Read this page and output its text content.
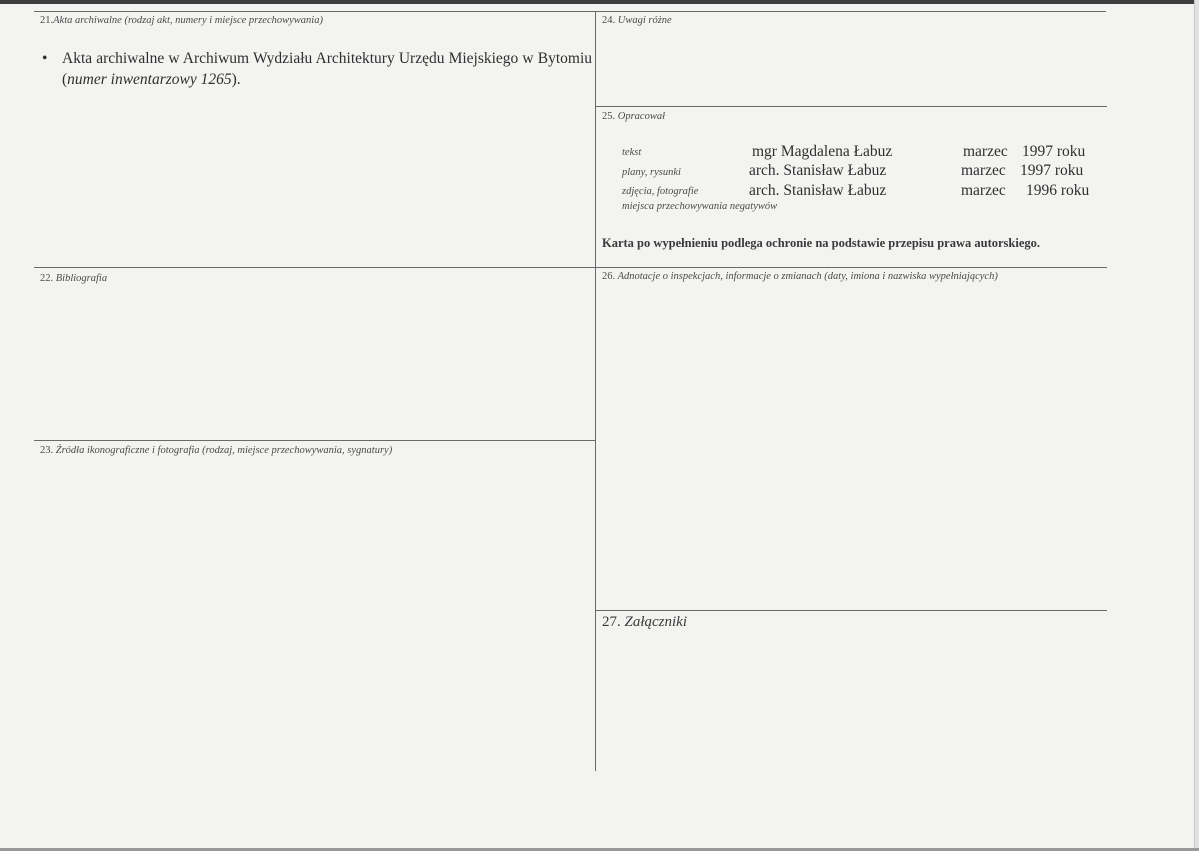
21.Akta archiwalne (rodzaj akt, numery i miejsce przechowywania)
• Akta archiwalne w Archiwum Wydziału Architektury Urzędu Miejskiego w Bytomiu (numer inwentarzowy 1265).
24. Uwagi różne
25. Opracował
tekst	mgr Magdalena Łabuz	marzec 1997 roku
plany, rysunki	arch. Stanisław Łabuz	marzec 1997 roku
zdjęcia, fotografie	arch. Stanisław Łabuz	marzec 1996 roku
miejsca przechowywania negatywów
Karta po wypełnieniu podlega ochronie na podstawie przepisu prawa autorskiego.
22. Bibliografia	26. Adnotacje o inspekcjach, informacje o zmianach (daty, imiona i nazwiska wypełniających)
23. Źródła ikonograficzne i fotografia (rodzaj, miejsce przechowywania, sygnatury)
27. Załączniki
